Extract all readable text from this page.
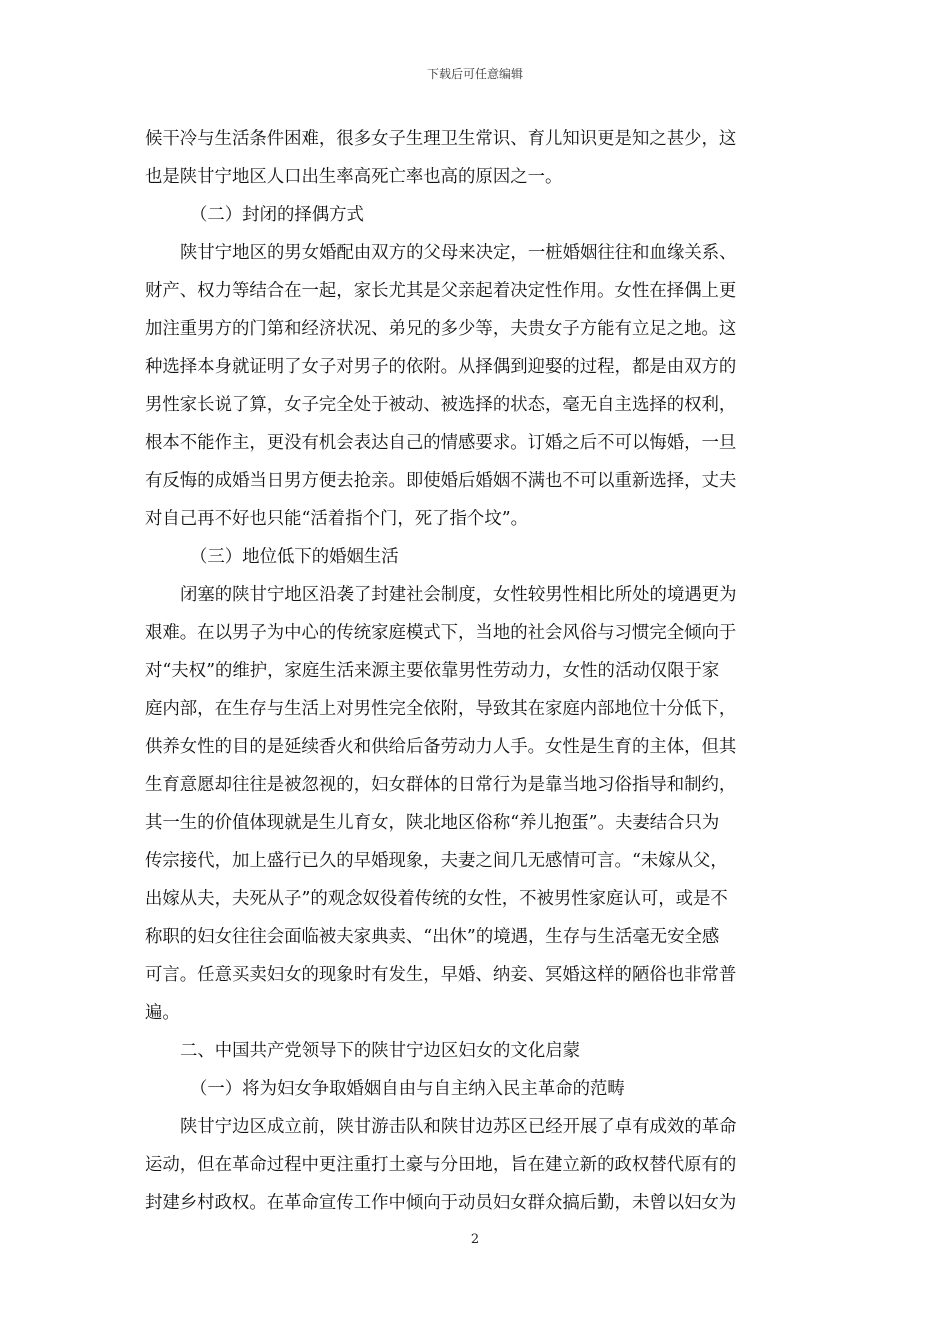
下载后可任意编辑
候干冷与生活条件困难，很多女子生理卫生常识、育儿知识更是知之甚少，这
也是陕甘宁地区人口出生率高死亡率也高的原因之一。
（二）封闭的择偶方式
陕甘宁地区的男女婚配由双方的父母来决定，一桩婚姻往往和血缘关系、
财产、权力等结合在一起，家长尤其是父亲起着决定性作用。女性在择偶上更
加注重男方的门第和经济状况、弟兄的多少等，夫贵女子方能有立足之地。这
种选择本身就证明了女子对男子的依附。从择偶到迎娶的过程，都是由双方的
男性家长说了算，女子完全处于被动、被选择的状态，毫无自主选择的权利，
根本不能作主，更没有机会表达自己的情感要求。订婚之后不可以悔婚，一旦
有反悔的成婚当日男方便去抢亲。即使婚后婚姻不满也不可以重新选择，丈夫
对自己再不好也只能“活着指个门，死了指个坟”。
（三）地位低下的婚姻生活
闭塞的陕甘宁地区沿袭了封建社会制度，女性较男性相比所处的境遇更为
艰难。在以男子为中心的传统家庭模式下，当地的社会风俗与习惯完全倾向于
对“夫权”的维护，家庭生活来源主要依靠男性劳动力，女性的活动仅限于家
庭内部，在生存与生活上对男性完全依附，导致其在家庭内部地位十分低下，
供养女性的目的是延续香火和供给后备劳动力人手。女性是生育的主体，但其
生育意愿却往往是被忽视的，妇女群体的日常行为是靠当地习俗指导和制约，
其一生的价值体现就是生儿育女，陕北地区俗称“养儿抱蛋”。夫妻结合只为
传宗接代，加上盛行已久的早婚现象，夫妻之间几无感情可言。“未嫁从父，
出嫁从夫，夫死从子”的观念奴役着传统的女性，不被男性家庭认可，或是不
称职的妇女往往会面临被夫家典卖、“出休”的境遇，生存与生活毫无安全感
可言。任意买卖妇女的现象时有发生，早婚、纳妾、冥婚这样的陋俗也非常普
遍。
二、中国共产党领导下的陕甘宁边区妇女的文化启蒙
（一）将为妇女争取婚姻自由与自主纳入民主革命的范畴
陕甘宁边区成立前，陕甘游击队和陕甘边苏区已经开展了卓有成效的革命
运动，但在革命过程中更注重打土豪与分田地，旨在建立新的政权替代原有的
封建乡村政权。在革命宣传工作中倾向于动员妇女群众搞后勤，未曾以妇女为
2
